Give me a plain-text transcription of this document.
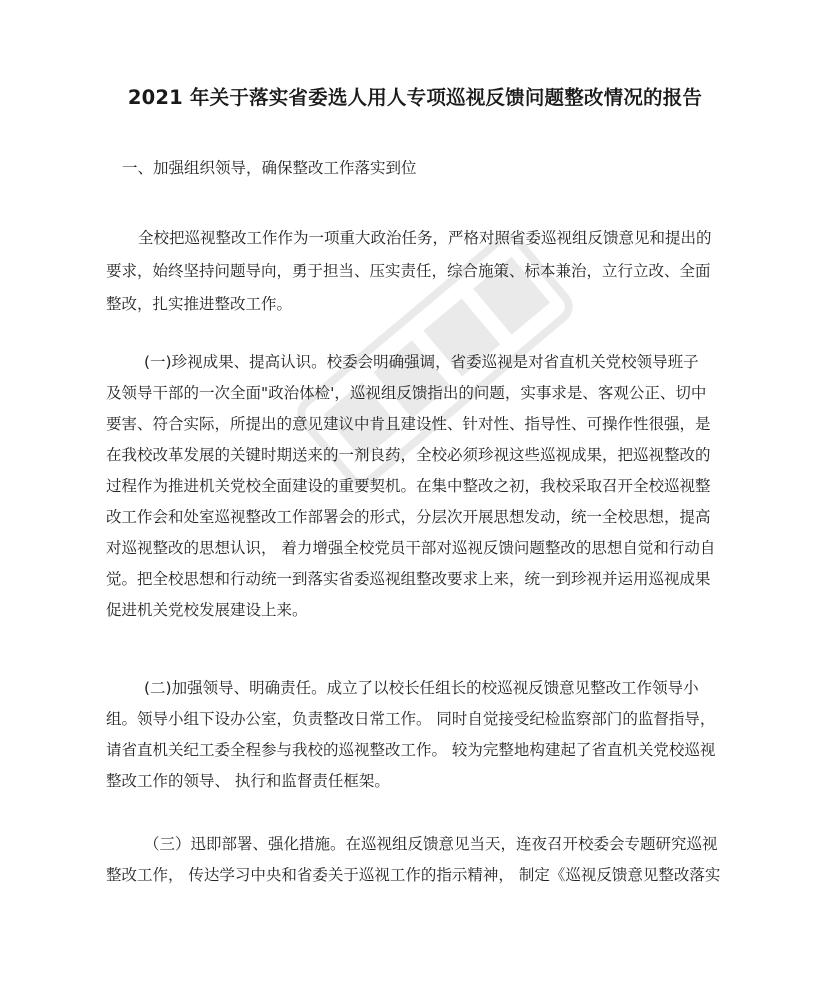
2021 年关于落实省委选人用人专项巡视反馈问题整改情况的报告
一、加强组织领导，确保整改工作落实到位
全校把巡视整改工作作为一项重大政治任务，严格对照省委巡视组反馈意见和提出的
要求，始终坚持问题导向，勇于担当、压实责任，综合施策、标本兼治，立行立改、全面
整改，扎实推进整改工作。
(一)珍视成果、提高认识。校委会明确强调，省委巡视是对省直机关党校领导班子
及领导干部的一次全面"政治体检'，巡视组反馈指出的问题，实事求是、客观公正、切中
要害、符合实际，所提出的意见建议中肯且建设性、针对性、指导性、可操作性很强，是
在我校改革发展的关键时期送来的一剂良药，全校必须珍视这些巡视成果，把巡视整改的
过程作为推进机关党校全面建设的重要契机。在集中整改之初，我校采取召开全校巡视整
改工作会和处室巡视整改工作部署会的形式，分层次开展思想发动，统一全校思想，提高
对巡视整改的思想认识， 着力增强全校党员干部对巡视反馈问题整改的思想自觉和行动自
觉。把全校思想和行动统一到落实省委巡视组整改要求上来，统一到珍视并运用巡视成果
促进机关党校发展建设上来。
(二)加强领导、明确责任。成立了以校长任组长的校巡视反馈意见整改工作领导小
组。领导小组下设办公室，负责整改日常工作。 同时自觉接受纪检监察部门的监督指导，
请省直机关纪工委全程参与我校的巡视整改工作。 较为完整地构建起了省直机关党校巡视
整改工作的领导、 执行和监督责任框架。
（三）迅即部署、强化措施。在巡视组反馈意见当天，连夜召开校委会专题研究巡视
整改工作， 传达学习中央和省委关于巡视工作的指示精神， 制定《巡视反馈意见整改落实
